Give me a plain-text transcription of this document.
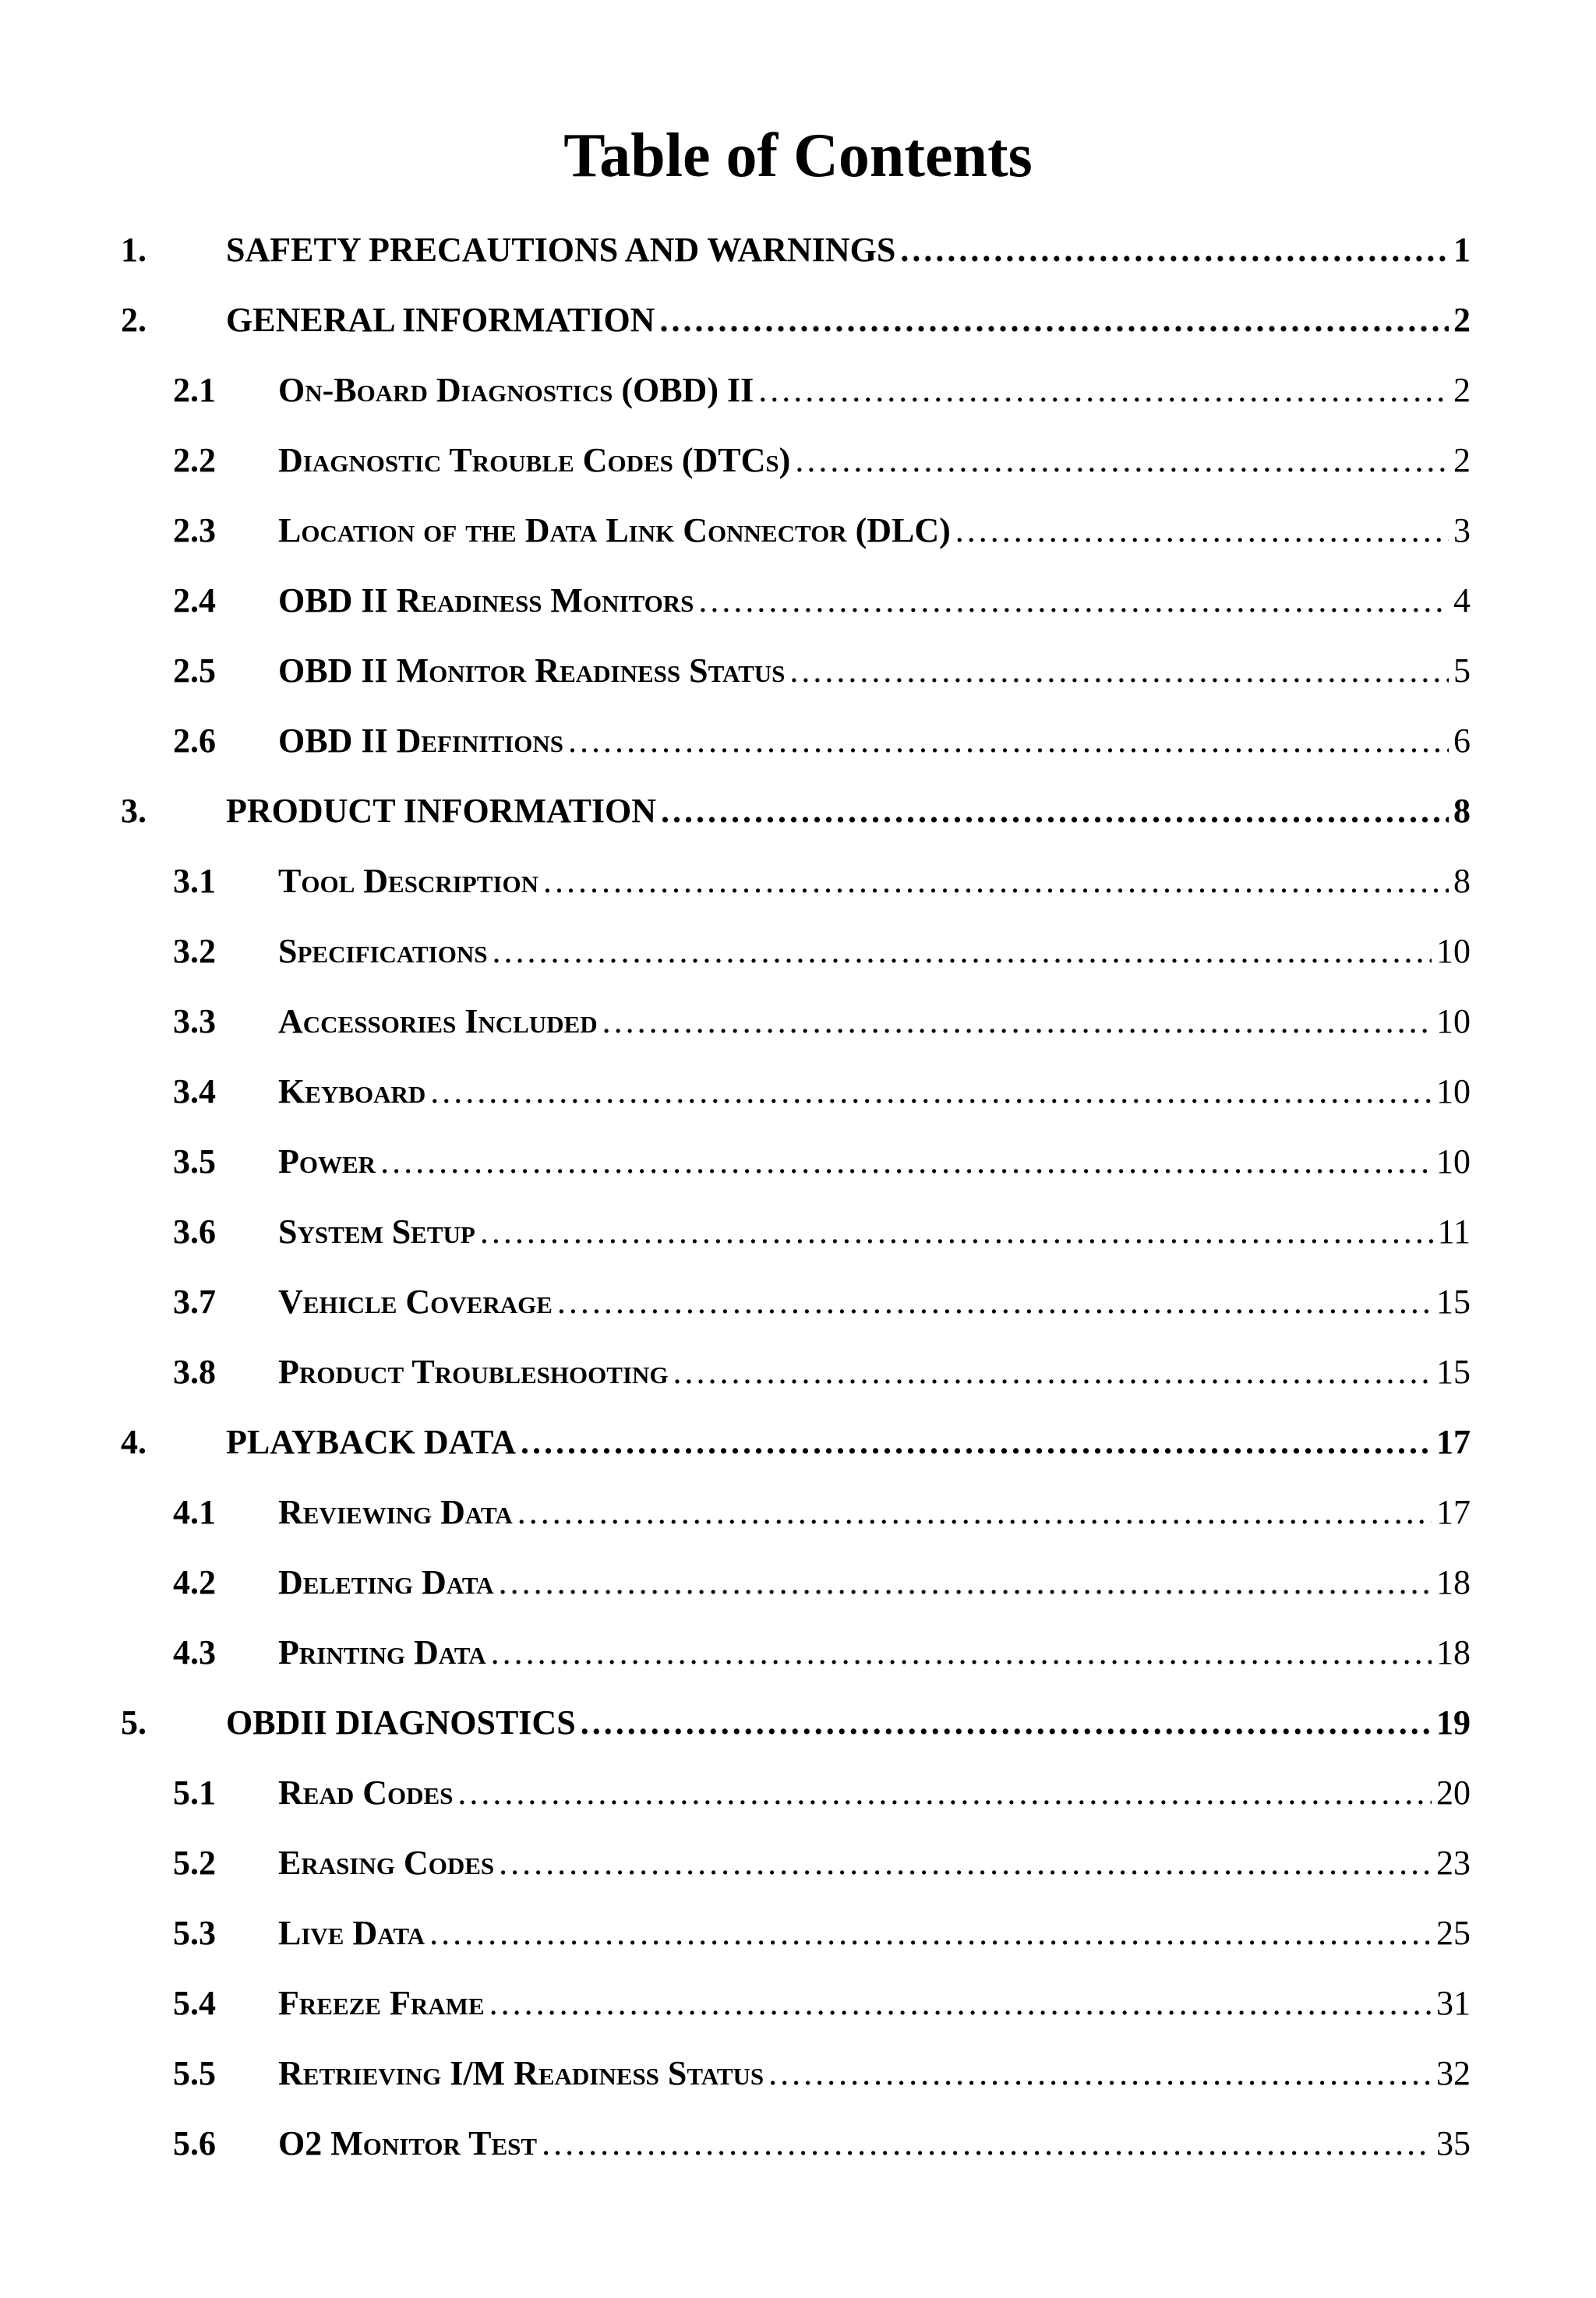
Table of Contents
1.	SAFETY PRECAUTIONS AND WARNINGS .....	1
2.	GENERAL INFORMATION .....	2
2.1	On-Board Diagnostics (OBD) II .....	2
2.2	Diagnostic Trouble Codes (DTCs) .....	2
2.3	Location of the Data Link Connector (DLC) .....	3
2.4	OBD II Readiness Monitors .....	4
2.5	OBD II Monitor Readiness Status .....	5
2.6	OBD II Definitions .....	6
3.	PRODUCT INFORMATION .....	8
3.1	Tool Description .....	8
3.2	Specifications .....	10
3.3	Accessories Included .....	10
3.4	Keyboard .....	10
3.5	Power .....	10
3.6	System Setup .....	11
3.7	Vehicle Coverage .....	15
3.8	Product Troubleshooting .....	15
4.	PLAYBACK DATA .....	17
4.1	Reviewing Data .....	17
4.2	Deleting Data .....	18
4.3	Printing Data .....	18
5.	OBDII DIAGNOSTICS .....	19
5.1	Read Codes .....	20
5.2	Erasing Codes .....	23
5.3	Live Data .....	25
5.4	Freeze Frame .....	31
5.5	Retrieving I/M Readiness Status .....	32
5.6	O2 Monitor Test .....	35
